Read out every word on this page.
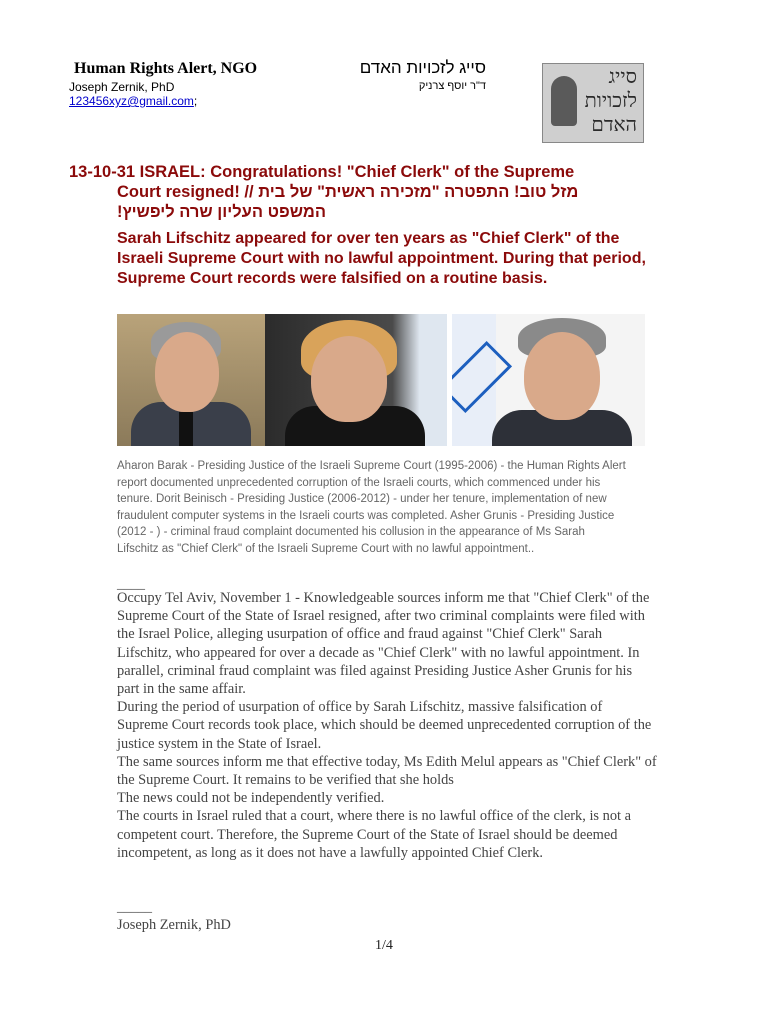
Human Rights Alert, NGO
Joseph Zernik, PhD
123456xyz@gmail.com;
סייג לזכויות האדם
ד"ר יוסף צרניק	סייג
לזכויות
האדם
13-10-31 ISRAEL: Congratulations! "Chief Clerk" of the Supreme
Court resigned! // מזל טוב! התפטרה "מזכירה ראשית" של בית
המשפט העליון שרה ליפשיץ!
Sarah Lifschitz appeared for over ten years as "Chief Clerk" of the Israeli Supreme Court with no lawful appointment. During that period, Supreme Court records were falsified on a routine basis.
Aharon Barak - Presiding Justice of the Israeli Supreme Court (1995-2006) - the Human Rights Alert report documented unprecedented corruption of the Israeli courts, which commenced under his tenure. Dorit Beinisch - Presiding Justice (2006-2012) - under her tenure, implementation of new fraudulent computer systems in the Israeli courts was completed. Asher Grunis - Presiding Justice (2012 - ) - criminal fraud complaint documented his collusion in the appearance of Ms Sarah Lifschitz as "Chief Clerk" of the Israeli Supreme Court with no lawful appointment..
____

Occupy Tel Aviv, November 1 - Knowledgeable sources inform me that "Chief Clerk" of the Supreme Court of the State of Israel resigned, after two criminal complaints were filed with the Israel Police, alleging usurpation of office and fraud against "Chief Clerk" Sarah Lifschitz, who appeared for over a decade as "Chief Clerk" with no lawful appointment. In parallel, criminal fraud complaint was filed against Presiding Justice Asher Grunis for his part in the same affair.

During the period of usurpation of office by Sarah Lifschitz, massive falsification of Supreme Court records took place, which should be deemed unprecedented corruption of the justice system in the State of Israel.

The same sources inform me that effective today, Ms Edith Melul appears as "Chief Clerk" of the Supreme Court. It remains to be verified that she holds

The news could not be independently verified.

The courts in Israel ruled that a court, where there is no lawful office of the clerk, is not a competent court. Therefore, the Supreme Court of the State of Israel should be deemed incompetent, as long as it does not have a lawfully appointed Chief Clerk.

_____
Joseph Zernik, PhD
1/4
